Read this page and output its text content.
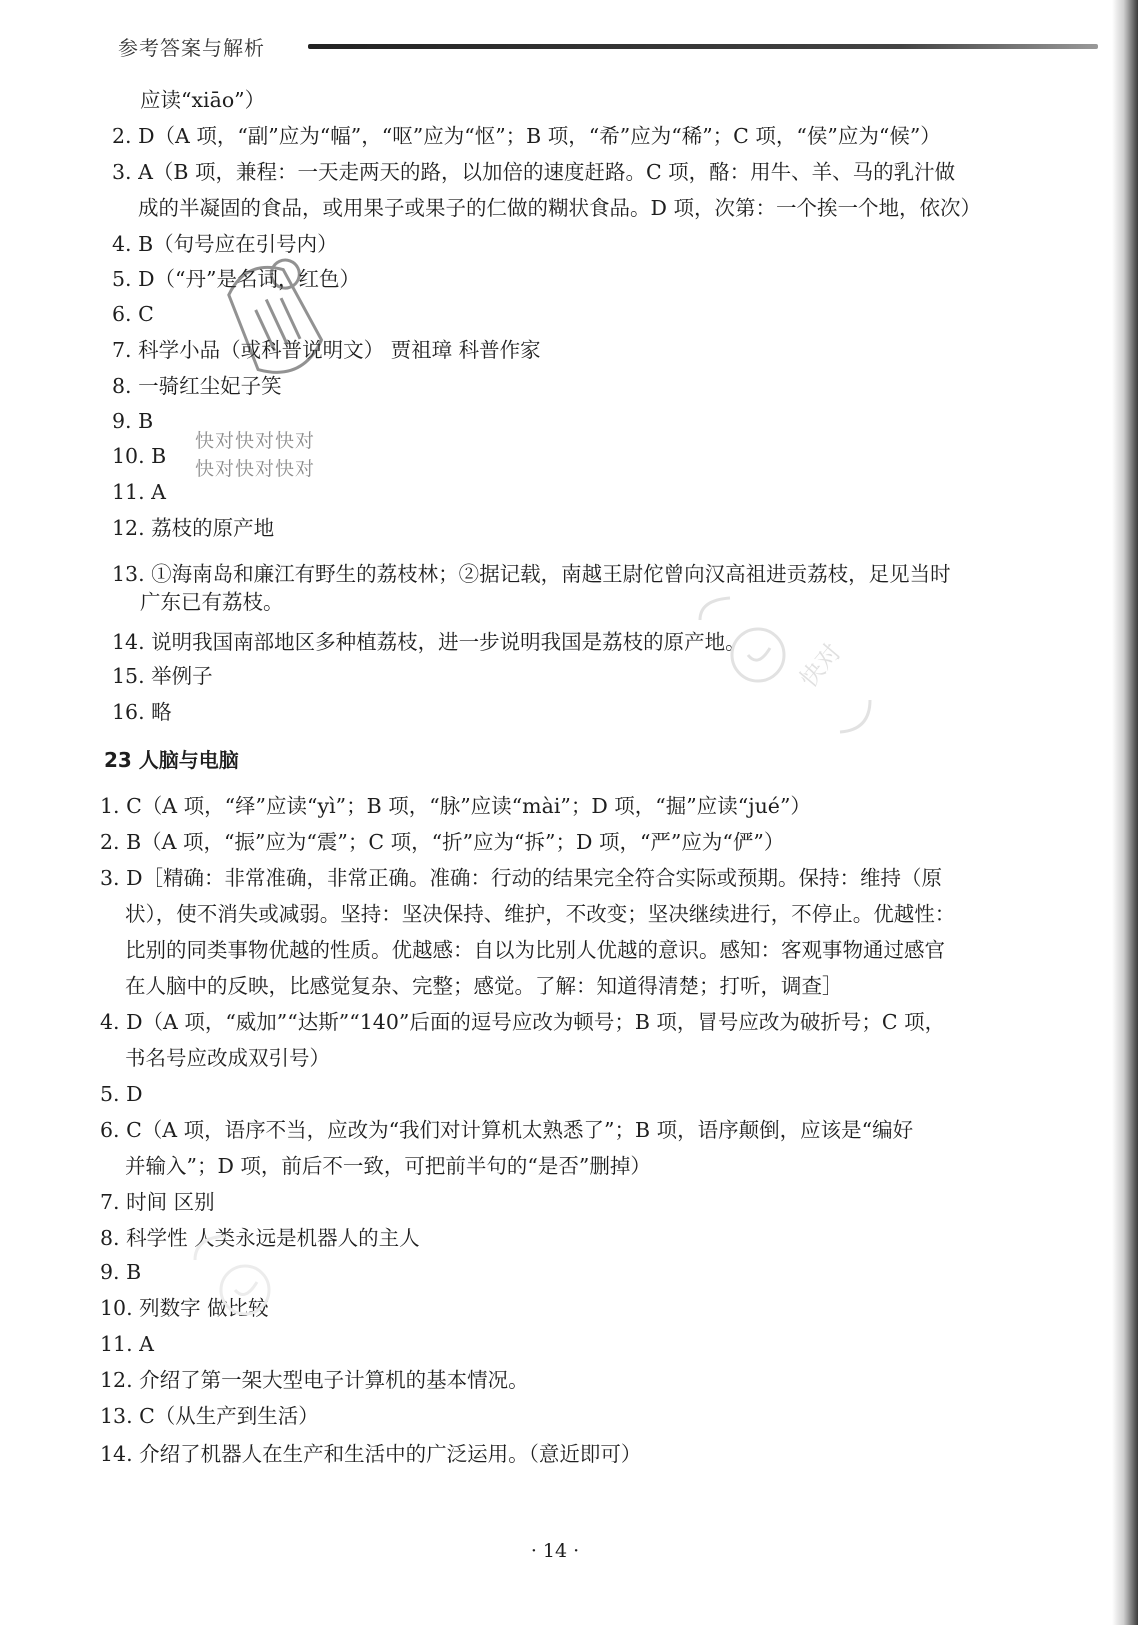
参考答案与解析
应读“xiāo”）
2. D（A 项，“副”应为“幅”，“呕”应为“怄”；B 项，“希”应为“稀”；C 项，“侯”应为“候”）
3. A（B 项，兼程：一天走两天的路，以加倍的速度赶路。C 项，酪：用牛、羊、马的乳汁做
成的半凝固的食品，或用果子或果子的仁做的糊状食品。D 项，次第：一个挨一个地，依次）
4. B（句号应在引号内）
5. D（“丹”是名词，红色）
6. C
7. 科学小品（或科普说明文） 贾祖璋 科普作家
8. 一骑红尘妃子笑
9. B
10. B
11. A
12. 荔枝的原产地
13. ①海南岛和廉江有野生的荔枝林；②据记载，南越王尉佗曾向汉高祖进贡荔枝，足见当时
广东已有荔枝。
14. 说明我国南部地区多种植荔枝，进一步说明我国是荔枝的原产地。
15. 举例子
16. 略
23 人脑与电脑
1. C（A 项，“绎”应读“yì”；B 项，“脉”应读“mài”；D 项，“掘”应读“jué”）
2. B（A 项，“振”应为“震”；C 项，“折”应为“拆”；D 项，“严”应为“俨”）
3. D［精确：非常准确，非常正确。准确：行动的结果完全符合实际或预期。保持：维持（原
状），使不消失或减弱。坚持：坚决保持、维护，不改变；坚决继续进行，不停止。优越性：
比别的同类事物优越的性质。优越感：自以为比别人优越的意识。感知：客观事物通过感官
在人脑中的反映，比感觉复杂、完整；感觉。了解：知道得清楚；打听，调查］
4. D（A 项，“威加”“达斯”“140”后面的逗号应改为顿号；B 项，冒号应改为破折号；C 项，
书名号应改成双引号）
5. D
6. C（A 项，语序不当，应改为“我们对计算机太熟悉了”；B 项，语序颠倒，应该是“编好
并输入”；D 项，前后不一致，可把前半句的“是否”删掉）
7. 时间 区别
8. 科学性 人类永远是机器人的主人
9. B
10. 列数字 做比较
11. A
12. 介绍了第一架大型电子计算机的基本情况。
13. C（从生产到生活）
14. 介绍了机器人在生产和生活中的广泛运用。（意近即可）
· 14 ·
快对快对快对
快对快对快对
快对
